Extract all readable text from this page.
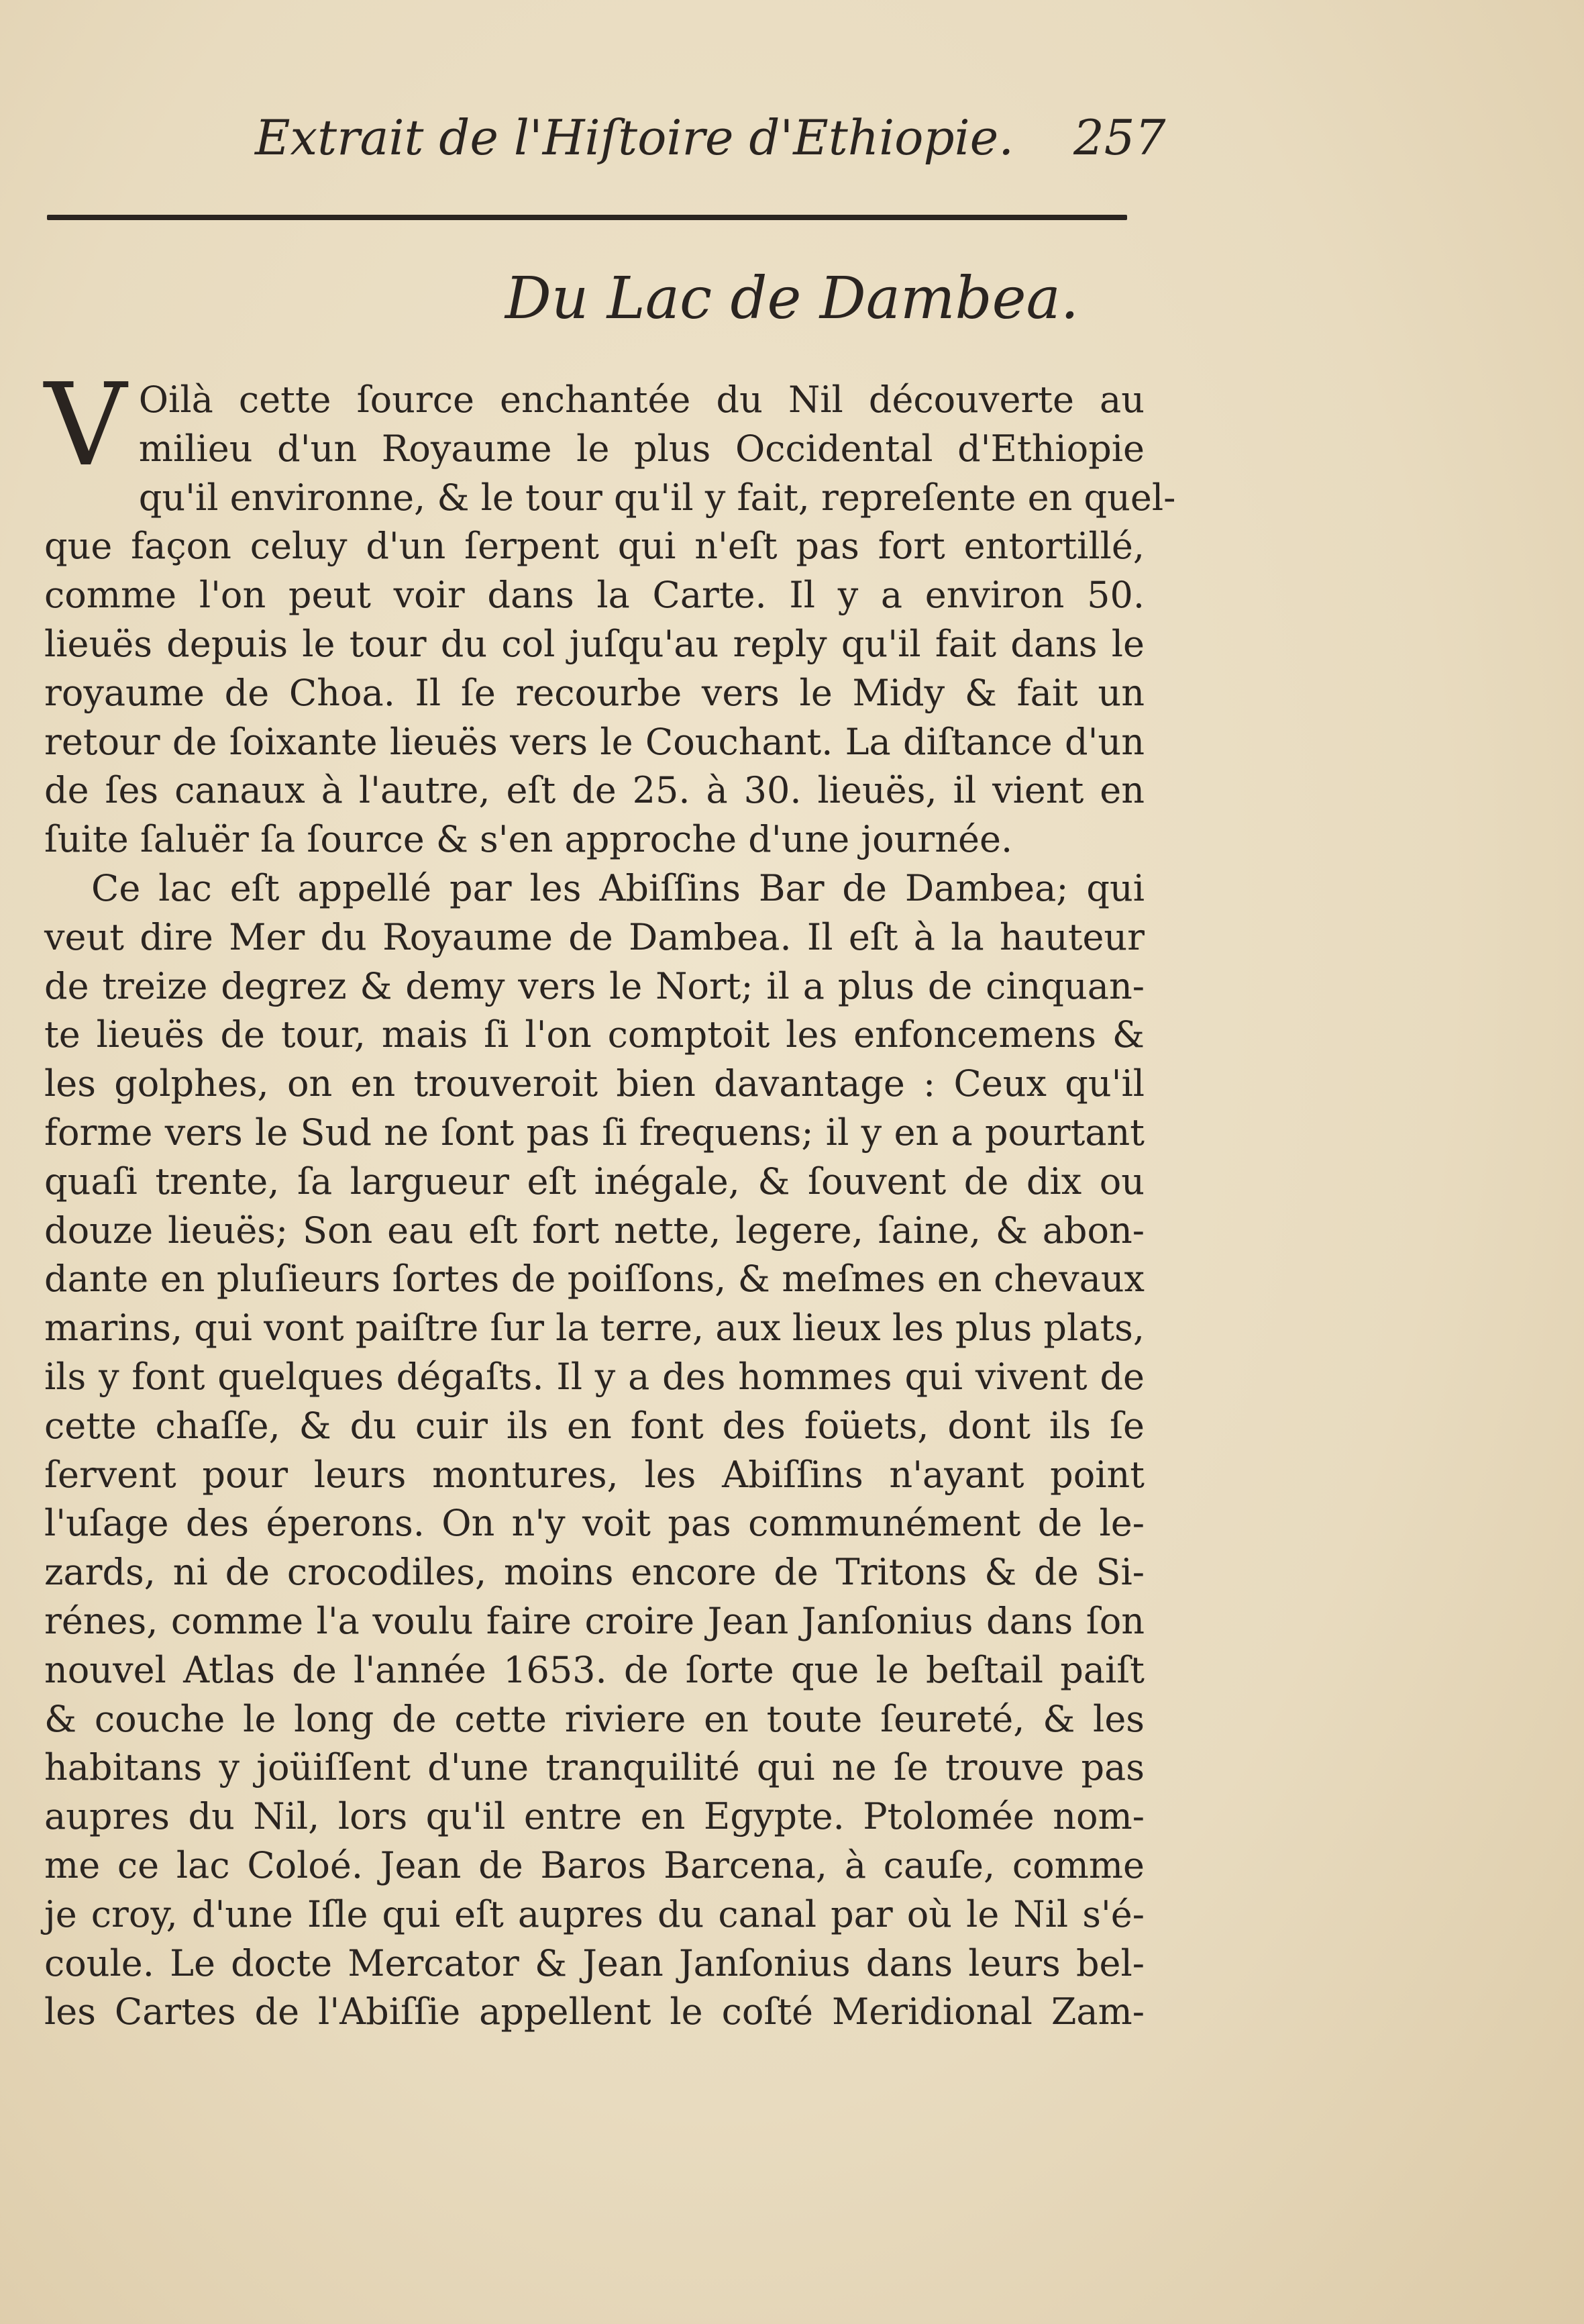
Extrait de l'Hiſtoire d'Ethiopie. 257
Du Lac de Dambea.
V Oilà cette ſource enchantée du Nil découverte au
milieu d'un Royaume le plus Occidental d'Ethiopie
qu'il environne, & le tour qu'il y fait, repreſente en quel-
que façon celuy d'un ſerpent qui n'eſt pas fort entortillé,
comme l'on peut voir dans la Carte. Il y a environ 50.
lieuës depuis le tour du col juſqu'au reply qu'il fait dans le
royaume de Choa. Il ſe recourbe vers le Midy & fait un
retour de ſoixante lieuës vers le Couchant. La diſtance d'un
de ſes canaux à l'autre, eſt de 25. à 30. lieuës, il vient en
ſuite ſaluër ſa ſource & s'en approche d'une journée.
Ce lac eſt appellé par les Abiſſins Bar de Dambea; qui
veut dire Mer du Royaume de Dambea. Il eſt à la hauteur
de treize degrez & demy vers le Nort; il a plus de cinquan-
te lieuës de tour, mais ſi l'on comptoit les enfoncemens &
les golphes, on en trouveroit bien davantage : Ceux qu'il
forme vers le Sud ne ſont pas ſi frequens; il y en a pourtant
quaſi trente, ſa largueur eſt inégale, & ſouvent de dix ou
douze lieuës; Son eau eſt fort nette, legere, ſaine, & abon-
dante en pluſieurs ſortes de poiſſons, & meſmes en chevaux
marins, qui vont paiſtre ſur la terre, aux lieux les plus plats,
ils y font quelques dégaſts. Il y a des hommes qui vivent de
cette chaſſe, & du cuir ils en font des foüets, dont ils ſe
ſervent pour leurs montures, les Abiſſins n'ayant point
l'uſage des éperons. On n'y voit pas communément de le-
zards, ni de crocodiles, moins encore de Tritons & de Si-
rénes, comme l'a voulu faire croire Jean Janſonius dans ſon
nouvel Atlas de l'année 1653. de ſorte que le beſtail paiſt
& couche le long de cette riviere en toute ſeureté, & les
habitans y joüiſſent d'une tranquilité qui ne ſe trouve pas
aupres du Nil, lors qu'il entre en Egypte. Ptolomée nom-
me ce lac Coloé. Jean de Baros Barcena, à cauſe, comme
je croy, d'une Iſle qui eſt aupres du canal par où le Nil s'é-
coule. Le docte Mercator & Jean Janſonius dans leurs bel-
les Cartes de l'Abiſſie appellent le coſté Meridional Zam-
